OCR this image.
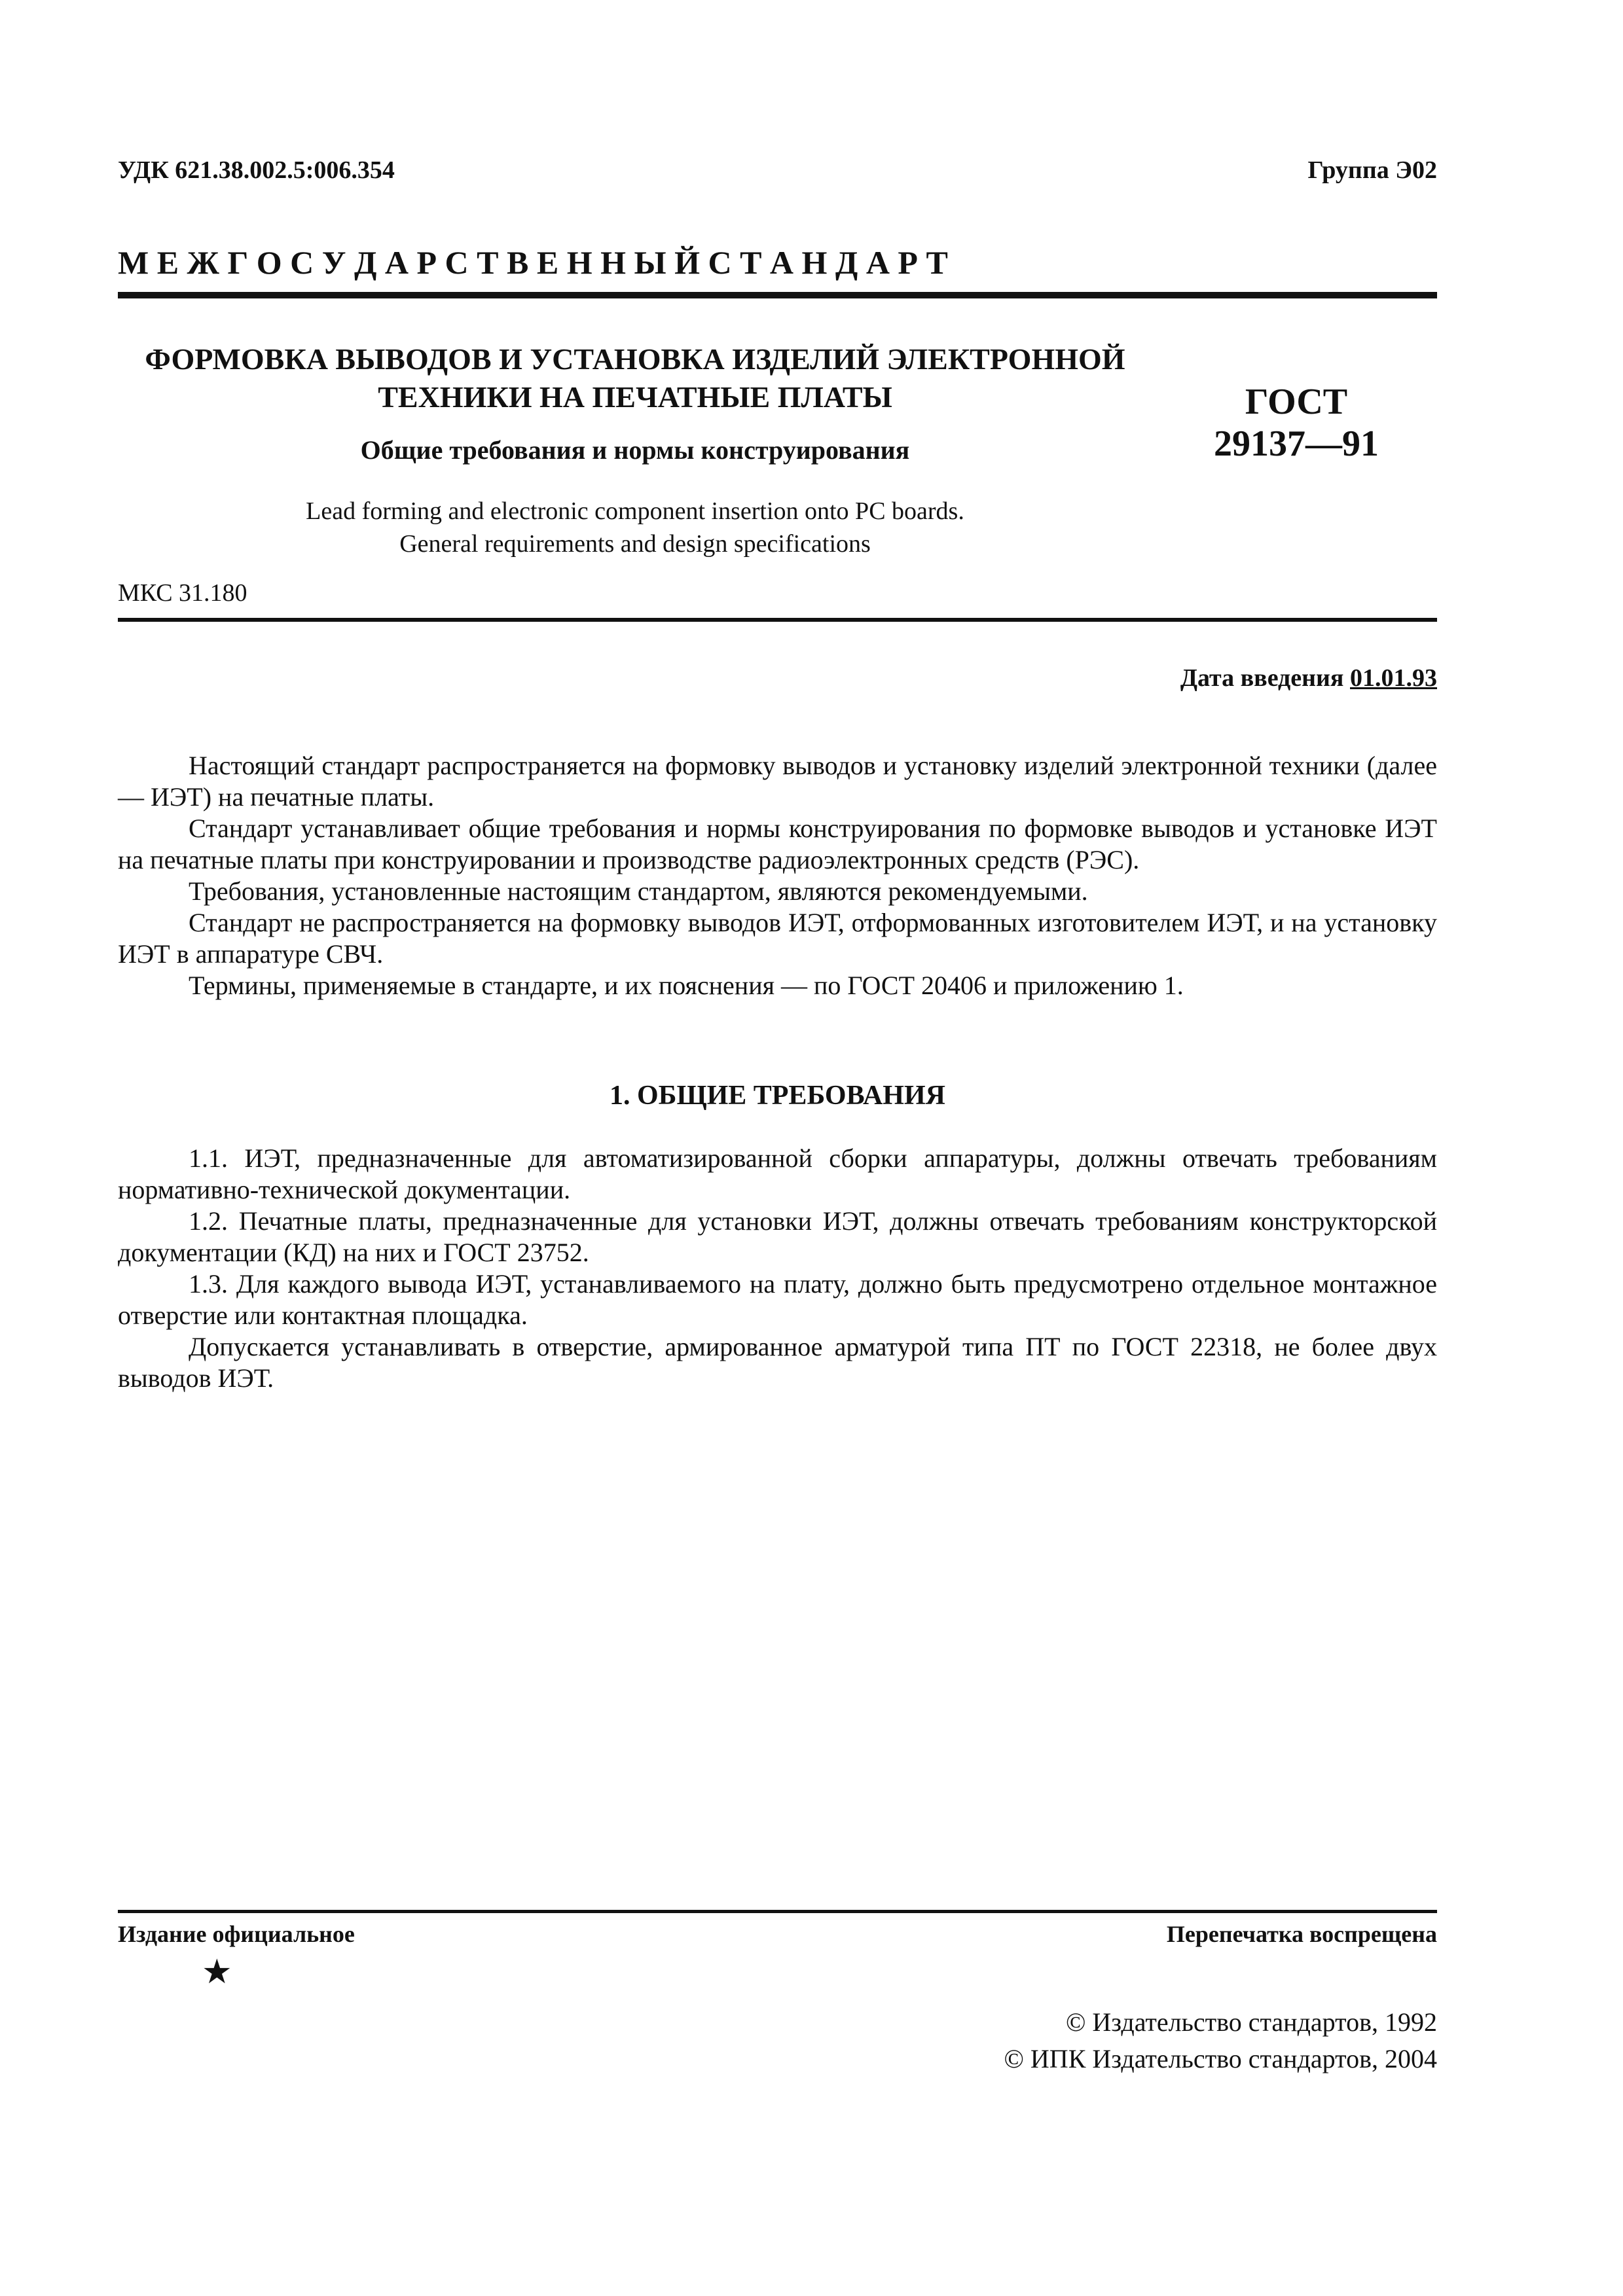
УДК 621.38.002.5:006.354	Группа Э02
М Е Ж Г О С У Д А Р С Т В Е Н Н Ы Й С Т А Н Д А Р Т
ФОРМОВКА ВЫВОДОВ И УСТАНОВКА ИЗДЕЛИЙ ЭЛЕКТРОННОЙ
ТЕХНИКИ НА ПЕЧАТНЫЕ ПЛАТЫ
Общие требования и нормы конструирования
ГОСТ
29137—91
Lead forming and electronic component insertion onto PC boards.
General requirements and design specifications
МКС 31.180
Дата введения 01.01.93

Настоящий стандарт распространяется на формовку выводов и установку изделий электронной техники (далее — ИЭТ) на печатные платы.

Стандарт устанавливает общие требования и нормы конструирования по формовке выводов и установке ИЭТ на печатные платы при конструировании и производстве радиоэлектронных средств (РЭС).

Требования, установленные настоящим стандартом, являются рекомендуемыми.

Стандарт не распространяется на формовку выводов ИЭТ, отформованных изготовителем ИЭТ, и на установку ИЭТ в аппаратуре СВЧ.

Термины, применяемые в стандарте, и их пояснения — по ГОСТ 20406 и приложению 1.

1. ОБЩИЕ ТРЕБОВАНИЯ

1.1. ИЭТ, предназначенные для автоматизированной сборки аппаратуры, должны отвечать требованиям нормативно-технической документации.

1.2. Печатные платы, предназначенные для установки ИЭТ, должны отвечать требованиям конструкторской документации (КД) на них и ГОСТ 23752.

1.3. Для каждого вывода ИЭТ, устанавливаемого на плату, должно быть предусмотрено отдельное монтажное отверстие или контактная площадка.

Допускается устанавливать в отверстие, армированное арматурой типа ПТ по ГОСТ 22318, не более двух выводов ИЭТ.

Издание официальное	Перепечатка воспрещена
★
© Издательство стандартов, 1992
© ИПК Издательство стандартов, 2004
